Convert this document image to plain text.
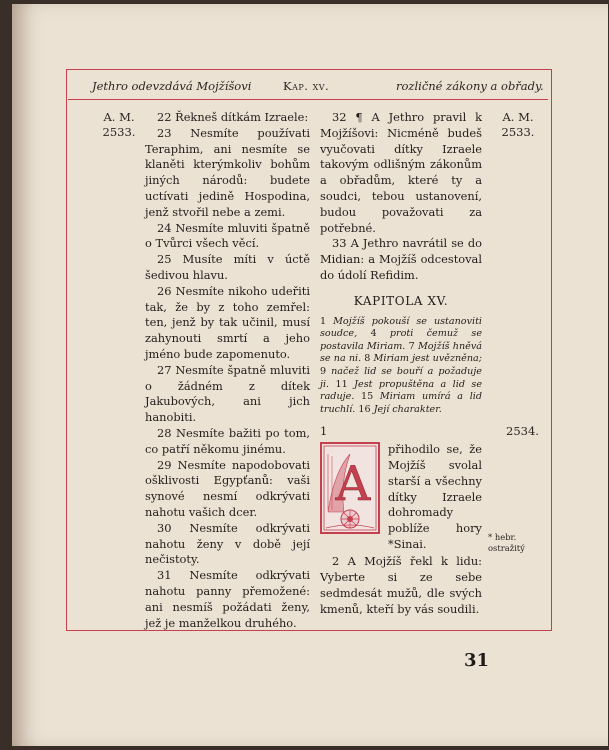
Jethro odevzdává Mojžíšovi	Kap. xv.	rozličné zákony a obřady.
A. M.
2533.
A. M.
2533.

22 Řekneš dítkám Izraele:

23 Nesmíte používati Teraphim, ani nesmíte se klaněti kterýmkoliv bohům jiných národů: budete uctívati jedině Hospodina, jenž stvořil nebe a zemi.

24 Nesmíte mluviti špatně o Tvůrci všech věcí.

25 Musíte míti v úctě šedivou hlavu.

26 Nesmíte nikoho udeřiti tak, že by z toho zemřel: ten, jenž by tak učinil, musí zahynouti smrtí a jeho jméno bude zapomenuto.

27 Nesmíte špatně mluviti o žádném z dítek Jakubových, ani jich hanobiti.

28 Nesmíte bažiti po tom, co patří někomu jinému.

29 Nesmíte napodobovati ošklivosti Egypťanů: vaši synové nesmí odkrývati nahotu vašich dcer.

30 Nesmíte odkrývati nahotu ženy v době její nečistoty.

31 Nesmíte odkrývati nahotu panny přemožené: ani nesmíš požádati ženy, jež je manželkou druhého.

32 ¶ A Jethro pravil k Mojžíšovi: Nicméně budeš vyučovati dítky Izraele takovým odlišným zákonům a obřadům, které ty a soudci, tebou ustanovení, budou považovati za potřebné.

33 A Jethro navrátil se do Midian: a Mojžíš odcestoval do údolí Refidim.

KAPITOLA XV.

1 Mojžíš pokouší se ustanoviti soudce, 4 proti čemuž se postavila Miriam. 7 Mojžíš hněvá se na ni. 8 Miriam jest uvězněna; 9 načež lid se bouří a požaduje ji. 11 Jest propuštěna a lid se raduje. 15 Miriam umírá a lid truchlí. 16 Její charakter.

1

A
přihodilo se, že Mojžíš svolal starší a všechny dítky Izraele dohromady poblíže hory *Sinai.

2 A Mojžíš řekl k lidu: Vyberte si ze sebe sedmdesát mužů, dle svých kmenů, kteří by vás soudili.

2534.
* hebr. ostražitý
31
